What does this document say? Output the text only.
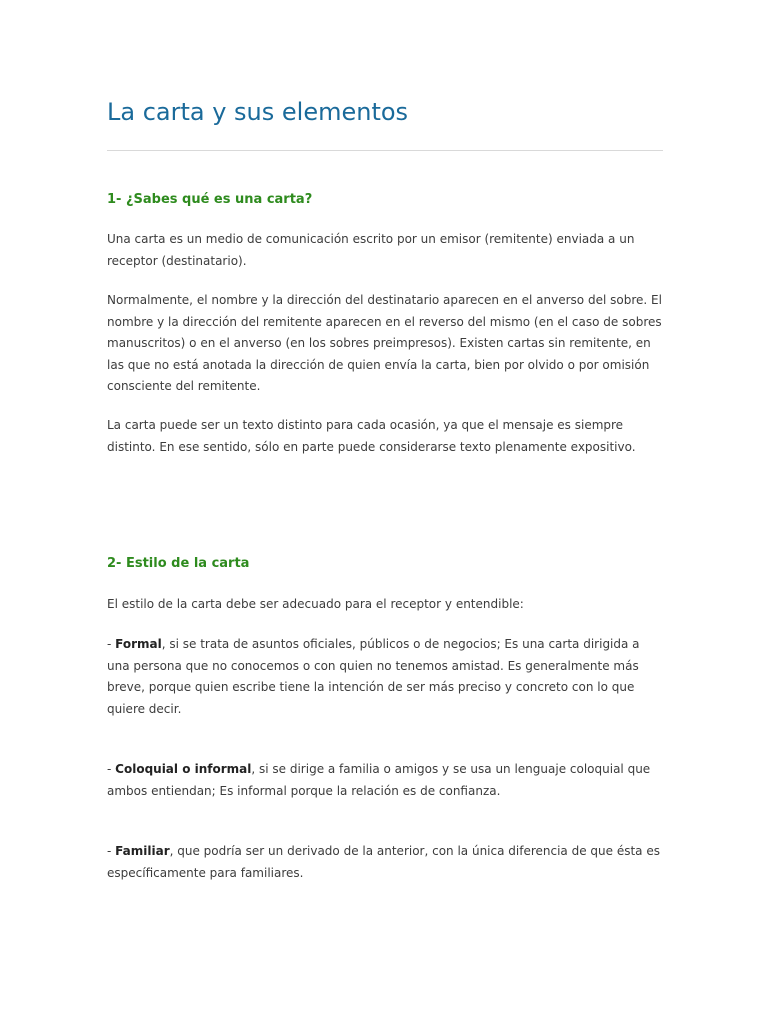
La carta y sus elementos
1- ¿Sabes qué es una carta?

Una carta es un medio de comunicación escrito por un emisor (remitente) enviada a un receptor (destinatario).

Normalmente, el nombre y la dirección del destinatario aparecen en el anverso del sobre. El nombre y la dirección del remitente aparecen en el reverso del mismo (en el caso de sobres manuscritos) o en el anverso (en los sobres preimpresos). Existen cartas sin remitente, en las que no está anotada la dirección de quien envía la carta, bien por olvido o por omisión consciente del remitente.

La carta puede ser un texto distinto para cada ocasión, ya que el mensaje es siempre distinto. En ese sentido, sólo en parte puede considerarse texto plenamente expositivo.

2- Estilo de la carta

El estilo de la carta debe ser adecuado para el receptor y entendible:

- Formal, si se trata de asuntos oficiales, públicos o de negocios; Es una carta dirigida a una persona que no conocemos o con quien no tenemos amistad. Es generalmente más breve, porque quien escribe tiene la intención de ser más preciso y concreto con lo que quiere decir.

- Coloquial o informal, si se dirige a familia o amigos y se usa un lenguaje coloquial que ambos entiendan; Es informal porque la relación es de confianza.

- Familiar, que podría ser un derivado de la anterior, con la única diferencia de que ésta es específicamente para familiares.
